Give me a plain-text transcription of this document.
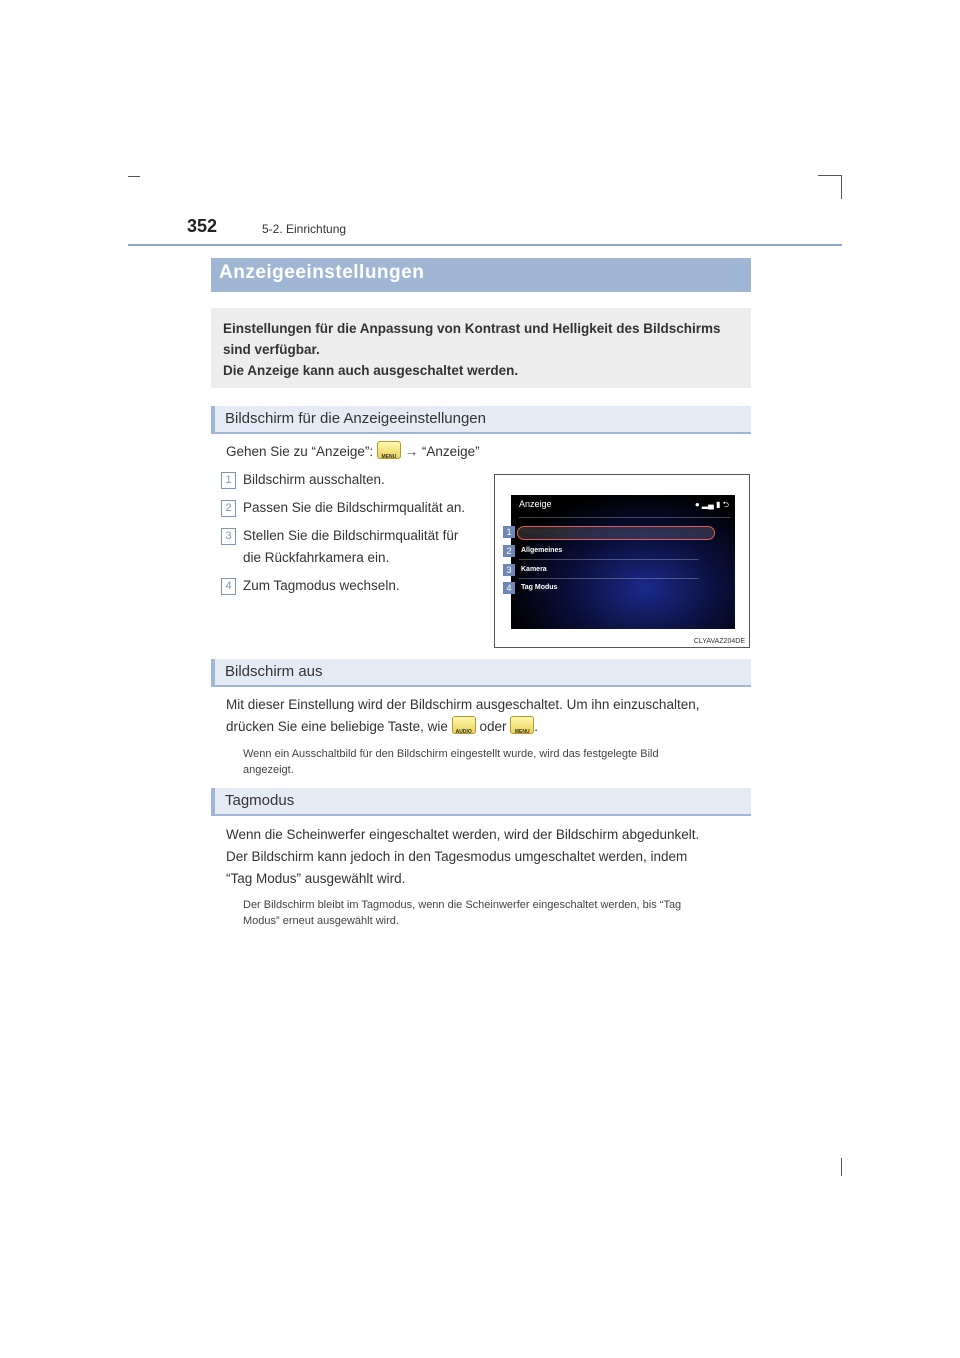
352	5-2. Einrichtung
Anzeigeeinstellungen

Einstellungen für die Anpassung von Kontrast und Helligkeit des Bildschirms

sind verfügbar.

Die Anzeige kann auch ausgeschaltet werden.

Bildschirm für die Anzeigeeinstellungen
Gehen Sie zu “Anzeige”:	MENU → “Anzeige”
1 Bildschirm ausschalten.
2 Passen Sie die Bildschirmqualität an.
3 Stellen Sie die Bildschirmqualität für
die Rückfahrkamera ein.
4 Zum Tagmodus wechseln.
Anzeige	● ▂▄ ▮ ⮌
Bildschirm aus
Allgemeines
Kamera
Tag Modus
1
2
3
4
CLYAVAZ204DE
Bildschirm aus
Mit dieser Einstellung wird der Bildschirm ausgeschaltet. Um ihn einzuschalten,
drücken Sie eine beliebige Taste, wie	AUDIO oder	MENU .
Wenn ein Ausschaltbild für den Bildschirm eingestellt wurde, wird das festgelegte Bild
angezeigt.
Tagmodus
Wenn die Scheinwerfer eingeschaltet werden, wird der Bildschirm abgedunkelt.
Der Bildschirm kann jedoch in den Tagesmodus umgeschaltet werden, indem
“Tag Modus” ausgewählt wird.
Der Bildschirm bleibt im Tagmodus, wenn die Scheinwerfer eingeschaltet werden, bis “Tag
Modus” erneut ausgewählt wird.
